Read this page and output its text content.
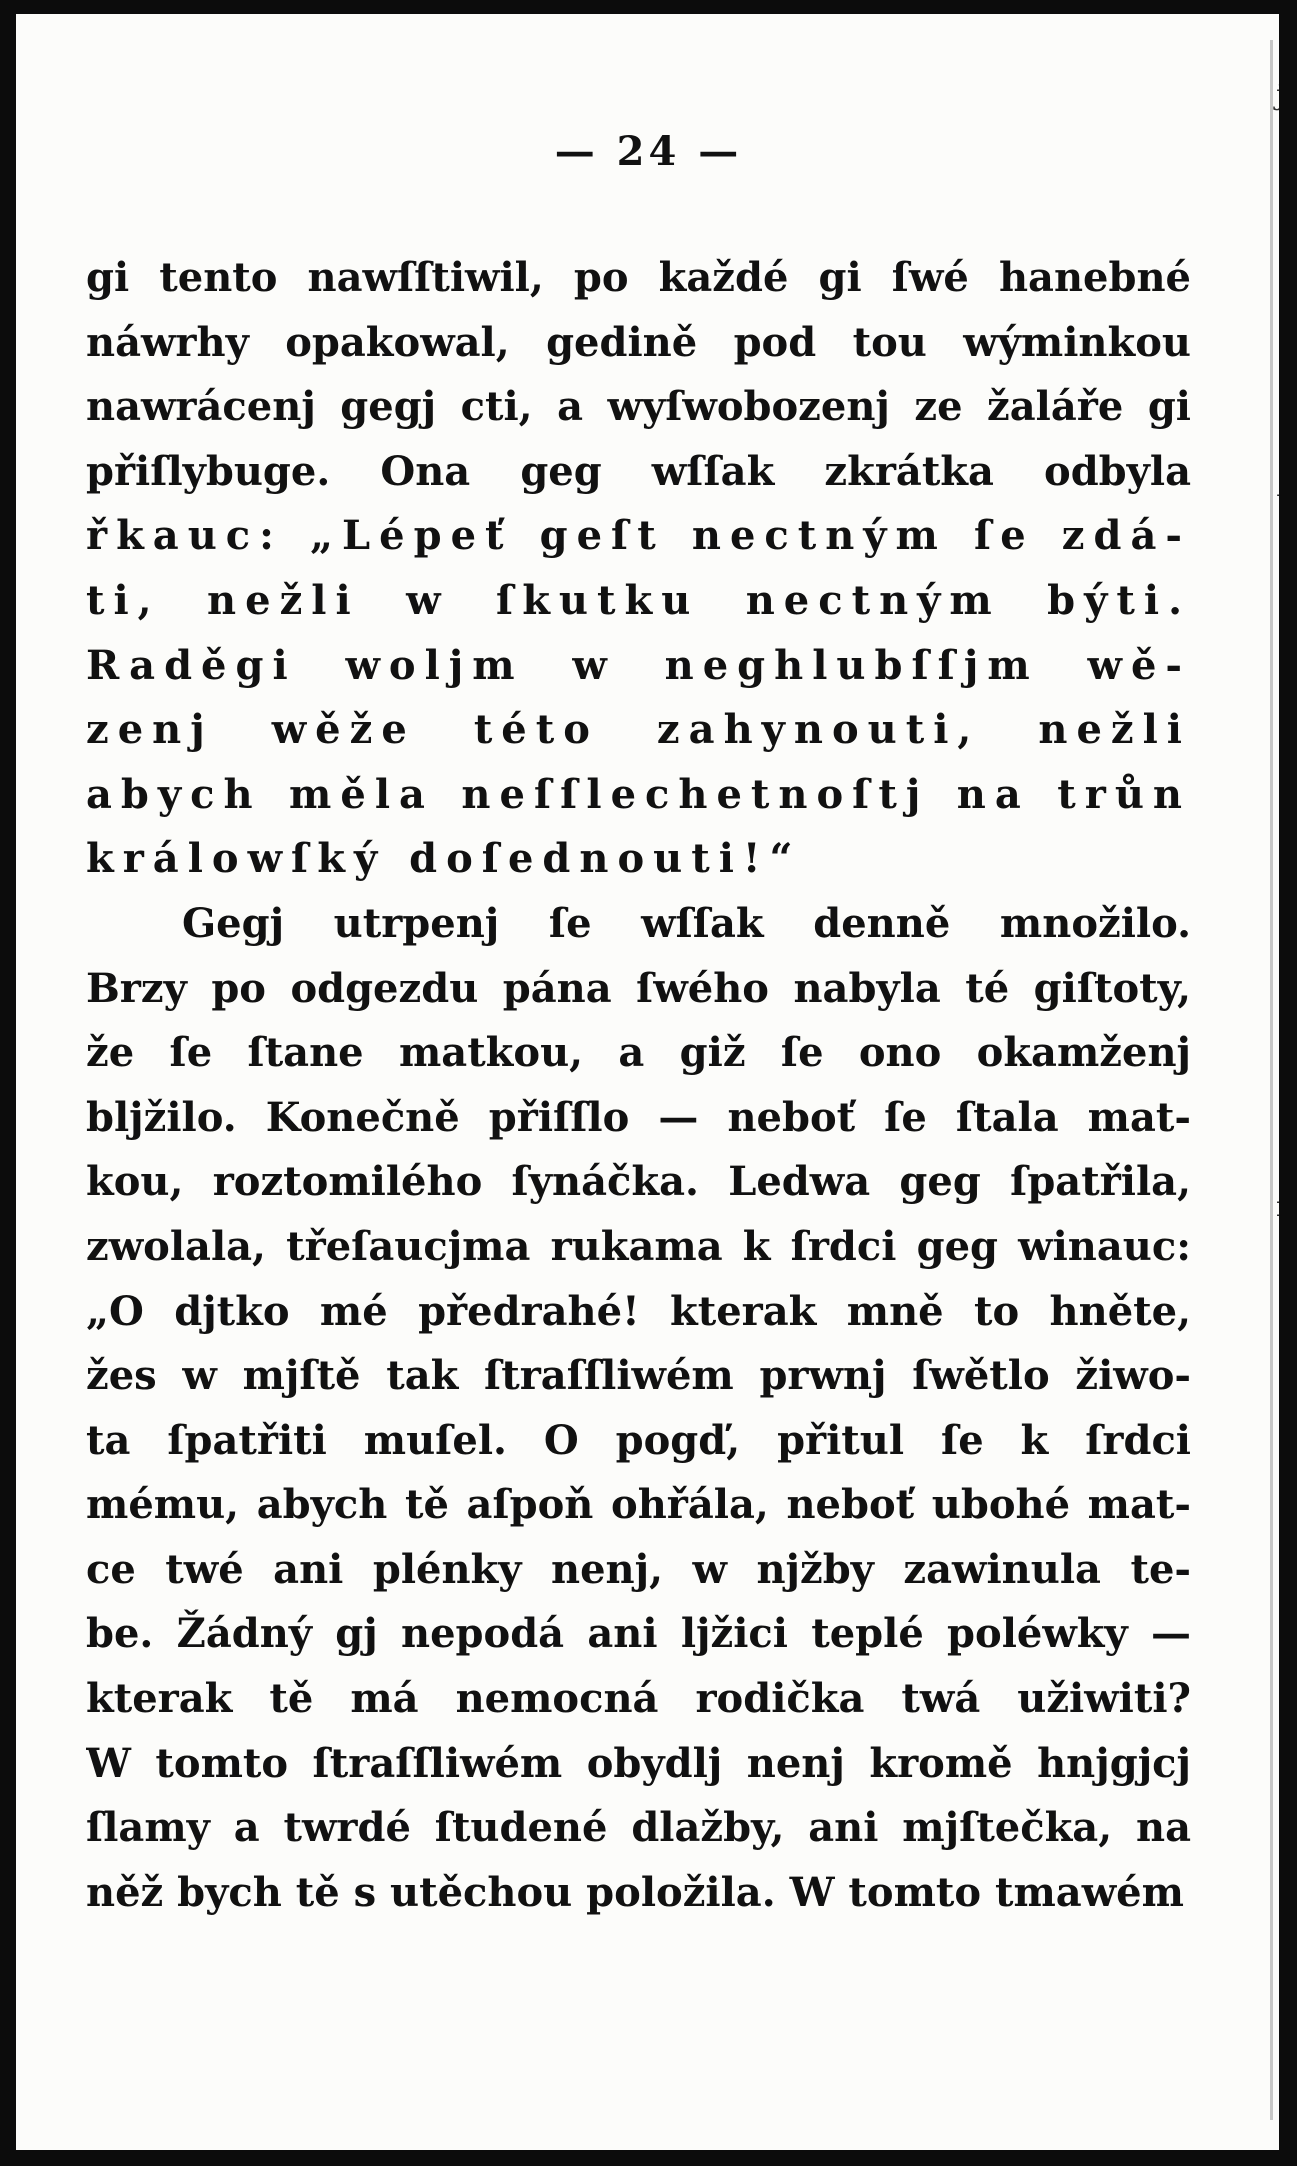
ji
ɾ
ı
— 24 —
gi tento nawſſtiwil, po každé gi ſwé hanebné
náwrhy opakowal, gedině pod tou wýminkou
nawrácenj gegj cti, a wyſwobozenj ze žaláře gi
přiſlybuge. Ona geg wſſak zkrátka odbyla
řkauc: „Lépeť geſt nectným ſe zdá-
ti, nežli w ſkutku nectným býti.
Raděgi woljm w neghlubſſjm wě-
zenj wěže této zahynouti, nežli
abych měla neſſlechetnoſtj na trůn
králowſký doſednouti!“
Gegj utrpenj ſe wſſak denně množilo.
Brzy po odgezdu pána ſwého nabyla té giſtoty,
že ſe ſtane matkou, a giž ſe ono okamženj
bljžilo. Konečně přiſſlo — neboť ſe ſtala mat-
kou, roztomilého ſynáčka. Ledwa geg ſpatřila,
zwolala, třeſaucjma rukama k ſrdci geg winauc:
„O djtko mé předrahé! kterak mně to hněte,
žes w mjſtě tak ſtraſſliwém prwnj ſwětlo žiwo-
ta ſpatřiti muſel. O pogď, přitul ſe k ſrdci
mému, abych tě aſpoň ohřála, neboť ubohé mat-
ce twé ani plénky nenj, w njžby zawinula te-
be. Žádný gj nepodá ani ljžici teplé poléwky —
kterak tě má nemocná rodička twá užiwiti?
W tomto ſtraſſliwém obydlj nenj kromě hnjgjcj
ſlamy a twrdé ſtudené dlažby, ani mjſtečka, na
něž bych tě s utěchou položila. W tomto tmawém
